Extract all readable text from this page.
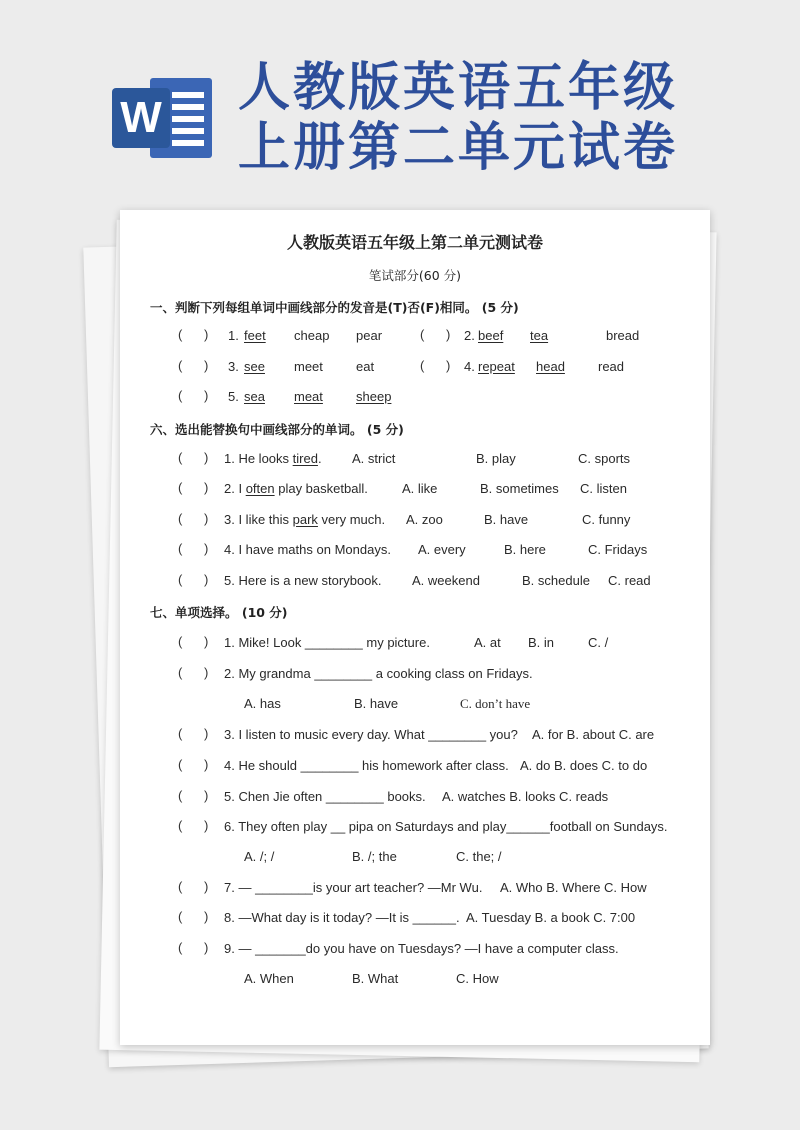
W 人教版英语五年级
上册第二单元试卷
人教版英语五年级上第二单元测试卷
笔试部分(60 分)
一、判断下列每组单词中画线部分的发音是(T)否(F)相同。 (5 分)
(      ) 1. feet cheap pear	(      ) 2. beef tea	bread
(      ) 3. see meet	eat	(      ) 4. repeat head	read
(      ) 5. sea meat	sheep
六、选出能替换句中画线部分的单词。 (5 分)
(      ) 1. He looks tired. A. strict	B. play	C. sports
(      ) 2. I often play basketball.	A. like	B. sometimes C. listen
(      ) 3. I like this park very much. A. zoo	B. have	C. funny
(      ) 4. I have maths on Mondays. A. every	B. here	C. Fridays
(      ) 5. Here is a new storybook. A. weekend	B. schedule C. read
七、单项选择。 (10 分)
(      ) 1. Mike! Look ________ my picture.	A. at B. in	C. /
(      ) 2. My grandma ________ a cooking class on Fridays.
A. has	B. have	C. don’t have
(      ) 3. I listen to music every day. What ________ you? A. for B. about C. are
(      ) 4. He should ________ his homework after class. A. do B. does C. to do
(      ) 5. Chen Jie often ________ books. A. watches B. looks C. reads
(      ) 6. They often play __ pipa on Saturdays and play______football on Sundays.
A. /; /	B. /; the	C. the; /
(      ) 7. — ________is your art teacher? —Mr Wu. A. Who B. Where C. How
(      ) 8. —What day is it today? —It is ______. A. Tuesday B. a book C. 7:00
(      ) 9. — _______do you have on Tuesdays? —I have a computer class.
A. When	B. What	C. How
